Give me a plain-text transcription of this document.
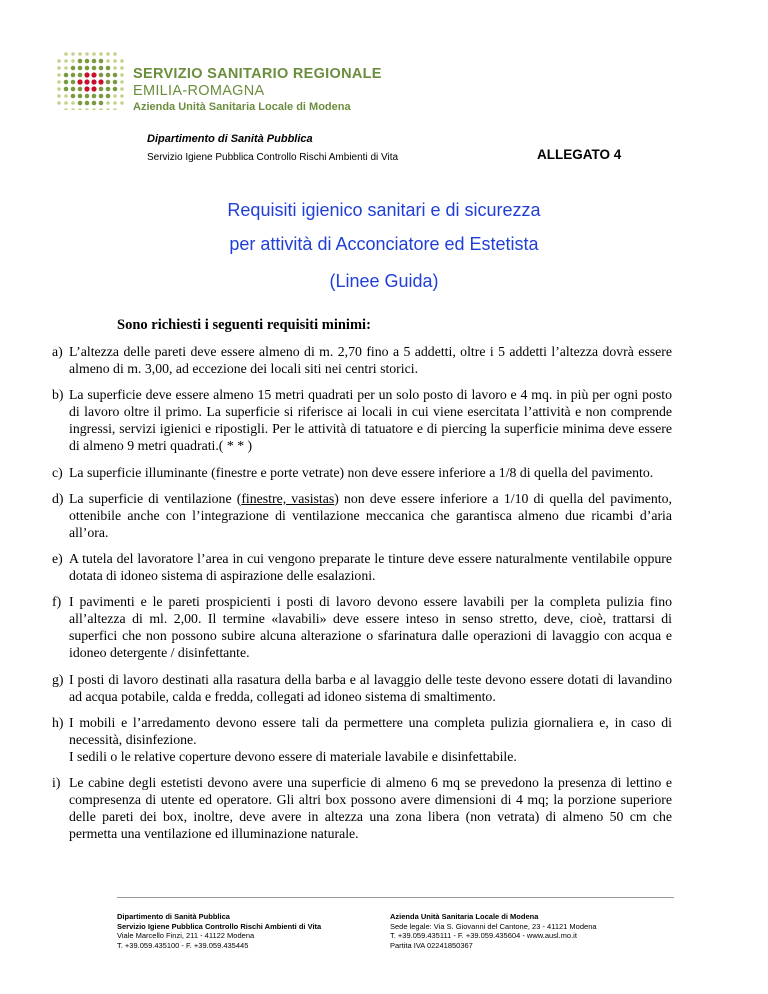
SERVIZIO SANITARIO REGIONALE
EMILIA-ROMAGNA
Azienda Unità Sanitaria Locale di Modena
Dipartimento di Sanità Pubblica
Servizio Igiene Pubblica Controllo Rischi Ambienti di Vita	ALLEGATO 4
Requisiti igienico sanitari e di sicurezza
per attività di Acconciatore ed Estetista
(Linee Guida)
Sono richiesti i seguenti requisiti minimi:
a) L’altezza delle pareti deve essere almeno di m. 2,70 fino a 5 addetti, oltre i 5 addetti l’altezza dovrà essere almeno di m. 3,00, ad eccezione dei locali siti nei centri storici.
b) La superficie deve essere almeno 15 metri quadrati per un solo posto di lavoro e 4 mq. in più per ogni posto di lavoro oltre il primo. La superficie si riferisce ai locali in cui viene esercitata l’attività e non comprende ingressi, servizi igienici e ripostigli. Per le attività di tatuatore e di piercing la superficie minima deve essere di almeno 9 metri quadrati.( * * )
c) La superficie illuminante (finestre e porte vetrate) non deve essere inferiore a 1/8 di quella del pavimento.
d) La superficie di ventilazione (finestre, vasistas) non deve essere inferiore a 1/10 di quella del pavimento, ottenibile anche con l’integrazione di ventilazione meccanica che garantisca almeno due ricambi d’aria all’ora.
e) A tutela del lavoratore l’area in cui vengono preparate le tinture deve essere naturalmente ventilabile oppure dotata di idoneo sistema di aspirazione delle esalazioni.
f) I pavimenti e le pareti prospicienti i posti di lavoro devono essere lavabili per la completa pulizia fino all’altezza di ml. 2,00. Il termine «lavabili» deve essere inteso in senso stretto, deve, cioè, trattarsi di superfici che non possono subire alcuna alterazione o sfarinatura dalle operazioni di lavaggio con acqua e idoneo detergente / disinfettante.
g) I posti di lavoro destinati alla rasatura della barba e al lavaggio delle teste devono essere dotati di lavandino ad acqua potabile, calda e fredda, collegati ad idoneo sistema di smaltimento.
h) I mobili e l’arredamento devono essere tali da permettere una completa pulizia giornaliera e, in caso di necessità, disinfezione.
I sedili o le relative coperture devono essere di materiale lavabile e disinfettabile.
i) Le cabine degli estetisti devono avere una superficie di almeno 6 mq se prevedono la presenza di lettino e compresenza di utente ed operatore. Gli altri box possono avere dimensioni di 4 mq; la porzione superiore delle pareti dei box, inoltre, deve avere in altezza una zona libera (non vetrata) di almeno 50 cm che permetta una ventilazione ed illuminazione naturale.
Dipartimento di Sanità Pubblica
Servizio Igiene Pubblica Controllo Rischi Ambienti di Vita
Viale Marcello Finzi, 211 - 41122 Modena
T. +39.059.435100 - F. +39.059.435445
Azienda Unità Sanitaria Locale di Modena
Sede legale: Via S. Giovanni del Cantone, 23 - 41121 Modena
T. +39.059.435111 - F. +39.059.435604 - www.ausl.mo.it
Partita IVA 02241850367
